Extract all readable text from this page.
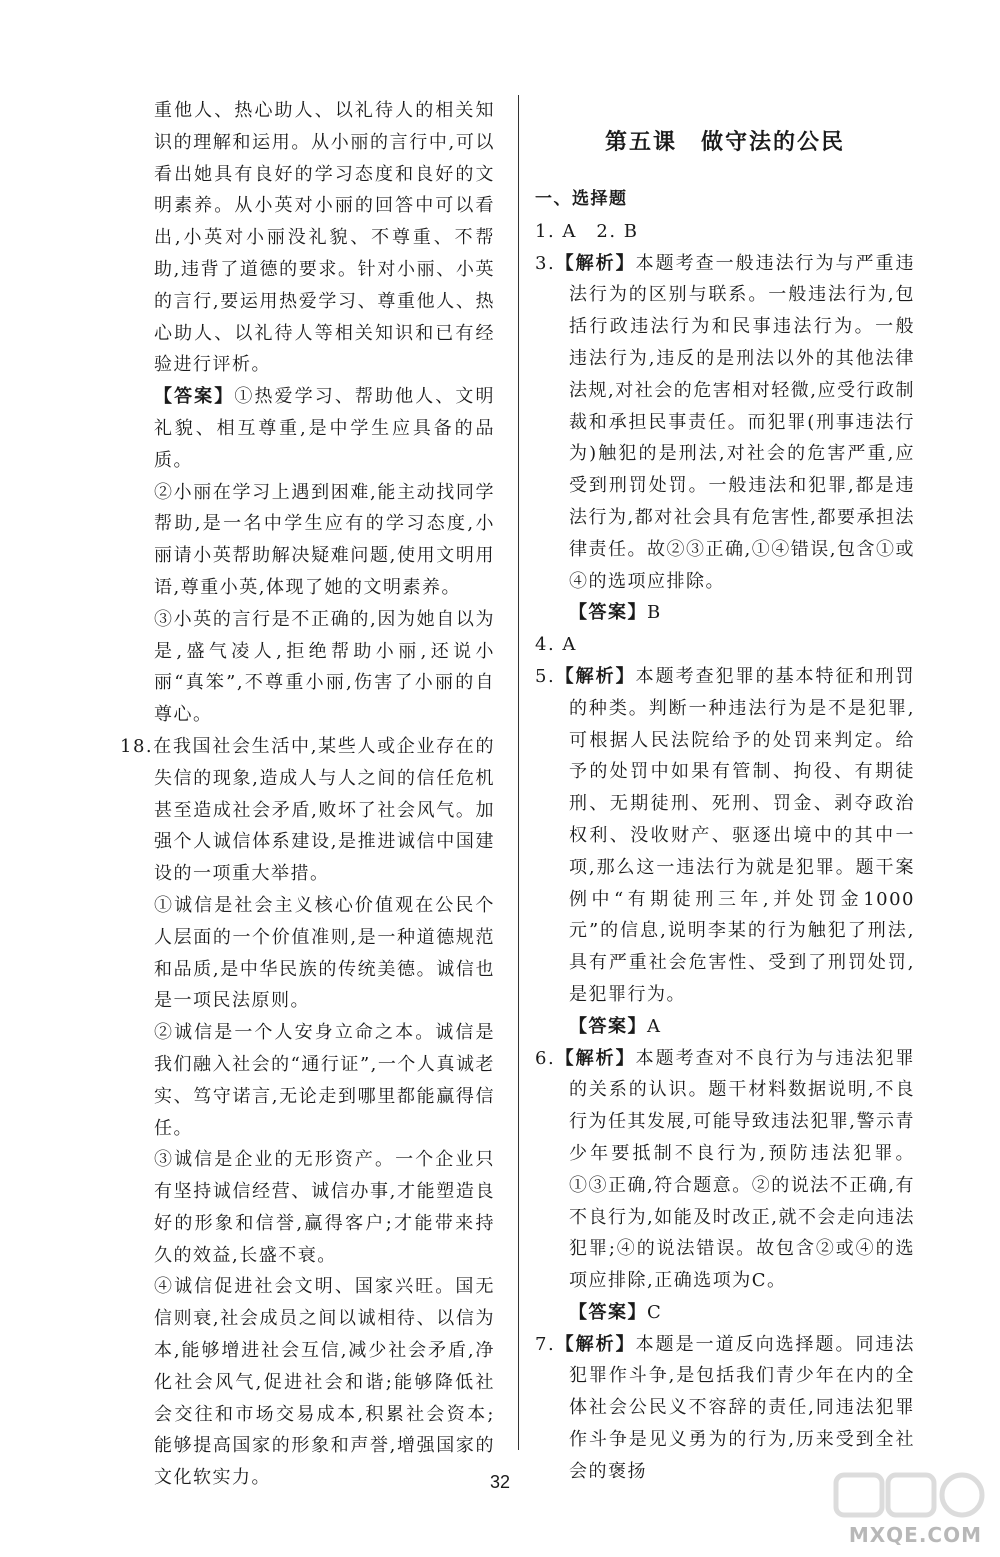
重他人、热心助人、以礼待人的相关知识的理解和运用。从小丽的言行中,可以看出她具有良好的学习态度和良好的文明素养。从小英对小丽的回答中可以看出,小英对小丽没礼貌、不尊重、不帮助,违背了道德的要求。针对小丽、小英的言行,要运用热爱学习、尊重他人、热心助人、以礼待人等相关知识和已有经验进行评析。

【答案】①热爱学习、帮助他人、文明礼貌、相互尊重,是中学生应具备的品质。

②小丽在学习上遇到困难,能主动找同学帮助,是一名中学生应有的学习态度,小丽请小英帮助解决疑难问题,使用文明用语,尊重小英,体现了她的文明素养。

③小英的言行是不正确的,因为她自以为是,盛气凌人,拒绝帮助小丽,还说小丽“真笨”,不尊重小丽,伤害了小丽的自尊心。

18.在我国社会生活中,某些人或企业存在的失信的现象,造成人与人之间的信任危机甚至造成社会矛盾,败坏了社会风气。加强个人诚信体系建设,是推进诚信中国建设的一项重大举措。

①诚信是社会主义核心价值观在公民个人层面的一个价值准则,是一种道德规范和品质,是中华民族的传统美德。诚信也是一项民法原则。

②诚信是一个人安身立命之本。诚信是我们融入社会的“通行证”,一个人真诚老实、笃守诺言,无论走到哪里都能赢得信任。

③诚信是企业的无形资产。一个企业只有坚持诚信经营、诚信办事,才能塑造良好的形象和信誉,赢得客户;才能带来持久的效益,长盛不衰。

④诚信促进社会文明、国家兴旺。国无信则衰,社会成员之间以诚相待、以信为本,能够增进社会互信,减少社会矛盾,净化社会风气,促进社会和谐;能够降低社会交往和市场交易成本,积累社会资本;能够提高国家的形象和声誉,增强国家的文化软实力。

第五课　做守法的公民

一、选择题

1. A　2. B

3.【解析】本题考查一般违法行为与严重违法行为的区别与联系。一般违法行为,包括行政违法行为和民事违法行为。一般违法行为,违反的是刑法以外的其他法律法规,对社会的危害相对轻微,应受行政制裁和承担民事责任。而犯罪(刑事违法行为)触犯的是刑法,对社会的危害严重,应受到刑罚处罚。一般违法和犯罪,都是违法行为,都对社会具有危害性,都要承担法律责任。故②③正确,①④错误,包含①或④的选项应排除。

【答案】B

4. A

5.【解析】本题考查犯罪的基本特征和刑罚的种类。判断一种违法行为是不是犯罪,可根据人民法院给予的处罚来判定。给予的处罚中如果有管制、拘役、有期徒刑、无期徒刑、死刑、罚金、剥夺政治权利、没收财产、驱逐出境中的其中一项,那么这一违法行为就是犯罪。题干案例中“有期徒刑三年,并处罚金1000元”的信息,说明李某的行为触犯了刑法,具有严重社会危害性、受到了刑罚处罚,是犯罪行为。

【答案】A

6.【解析】本题考查对不良行为与违法犯罪的关系的认识。题干材料数据说明,不良行为任其发展,可能导致违法犯罪,警示青少年要抵制不良行为,预防违法犯罪。①③正确,符合题意。②的说法不正确,有不良行为,如能及时改正,就不会走向违法犯罪;④的说法错误。故包含②或④的选项应排除,正确选项为C。

【答案】C

7.【解析】本题是一道反向选择题。同违法犯罪作斗争,是包括我们青少年在内的全体社会公民义不容辞的责任,同违法犯罪作斗争是见义勇为的行为,历来受到全社会的褒扬

32
MXQE.COM
